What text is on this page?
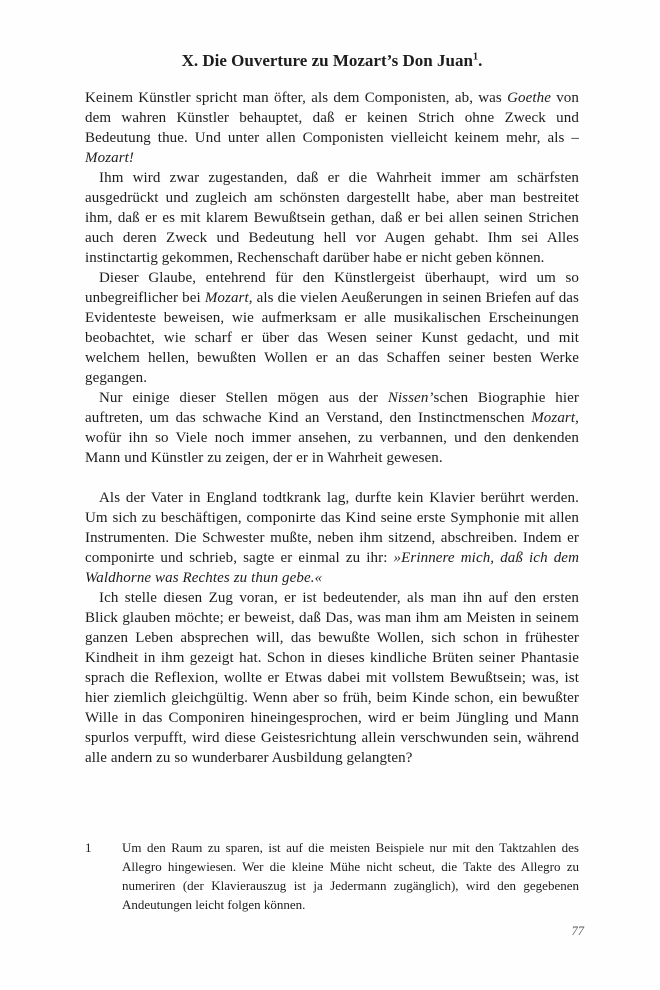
X. Die Ouverture zu Mozart’s Don Juan$^1$.

Keinem Künstler spricht man öfter, als dem Componisten, ab, was Goethe von dem wahren Künstler behauptet, daß er keinen Strich ohne Zweck und Bedeutung thue. Und unter allen Componisten vielleicht keinem mehr, als – Mozart!

Ihm wird zwar zugestanden, daß er die Wahrheit immer am schärfsten ausgedrückt und zugleich am schönsten dargestellt habe, aber man bestreitet ihm, daß er es mit klarem Bewußtsein gethan, daß er bei allen seinen Strichen auch deren Zweck und Bedeutung hell vor Augen gehabt. Ihm sei Alles instinctartig gekommen, Rechenschaft darüber habe er nicht geben können.

Dieser Glaube, entehrend für den Künstlergeist überhaupt, wird um so unbegreiflicher bei Mozart, als die vielen Aeußerungen in seinen Briefen auf das Evidenteste beweisen, wie aufmerksam er alle musikalischen Erscheinungen beobachtet, wie scharf er über das Wesen seiner Kunst gedacht, und mit welchem hellen, bewußten Wollen er an das Schaffen seiner besten Werke gegangen.

Nur einige dieser Stellen mögen aus der Nissen’schen Biographie hier auftreten, um das schwache Kind an Verstand, den Instinctmenschen Mozart, wofür ihn so Viele noch immer ansehen, zu verbannen, und den denkenden Mann und Künstler zu zeigen, der er in Wahrheit gewesen.

Als der Vater in England todtkrank lag, durfte kein Klavier berührt werden. Um sich zu beschäftigen, componirte das Kind seine erste Symphonie mit allen Instrumenten. Die Schwester mußte, neben ihm sitzend, abschreiben. Indem er componirte und schrieb, sagte er einmal zu ihr: »Erinnere mich, daß ich dem Waldhorne was Rechtes zu thun gebe.«

Ich stelle diesen Zug voran, er ist bedeutender, als man ihn auf den ersten Blick glauben möchte; er beweist, daß Das, was man ihm am Meisten in seinem ganzen Leben absprechen will, das bewußte Wollen, sich schon in frühester Kindheit in ihm gezeigt hat. Schon in dieses kindliche Brüten seiner Phantasie sprach die Reflexion, wollte er Etwas dabei mit vollstem Bewußtsein; was, ist hier ziemlich gleichgültig. Wenn aber so früh, beim Kinde schon, ein bewußter Wille in das Componiren hineingesprochen, wird er beim Jüngling und Mann spurlos verpufft, wird diese Geistesrichtung allein verschwunden sein, während alle andern zu so wunderbarer Ausbildung gelangten?

1	Um den Raum zu sparen, ist auf die meisten Beispiele nur mit den Taktzahlen des Allegro hingewiesen. Wer die kleine Mühe nicht scheut, die Takte des Allegro zu numeriren (der Klavierauszug ist ja Jedermann zugänglich), wird den gegebenen Andeutungen leicht folgen können.
77
